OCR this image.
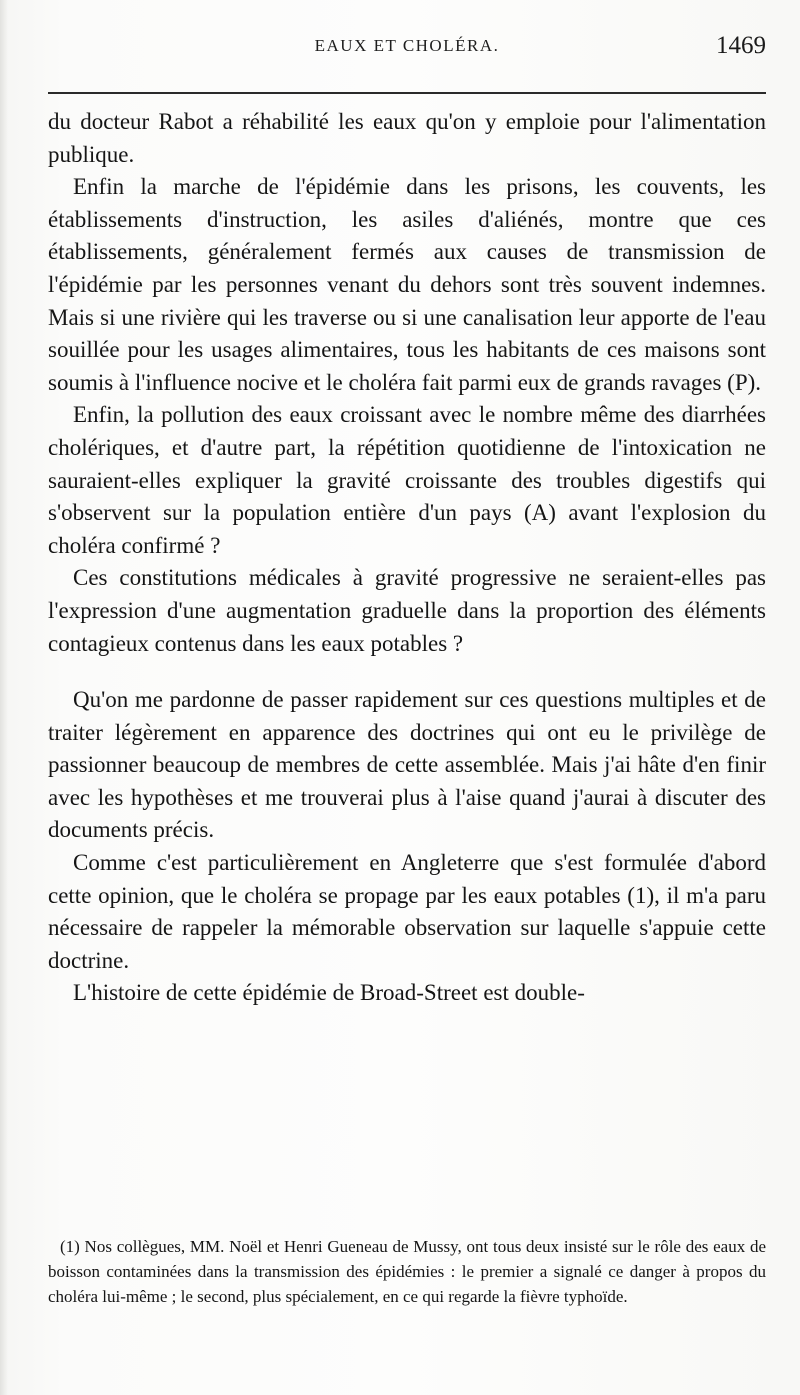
EAUX ET CHOLÉRA.	1469

du docteur Rabot a réhabilité les eaux qu'on y emploie pour l'alimentation publique.

Enfin la marche de l'épidémie dans les prisons, les couvents, les établissements d'instruction, les asiles d'aliénés, montre que ces établissements, généralement fermés aux causes de transmission de l'épidémie par les personnes venant du dehors sont très souvent indemnes. Mais si une rivière qui les traverse ou si une canalisation leur apporte de l'eau souillée pour les usages alimentaires, tous les habitants de ces maisons sont soumis à l'influence nocive et le choléra fait parmi eux de grands ravages (P).

Enfin, la pollution des eaux croissant avec le nombre même des diarrhées cholériques, et d'autre part, la répétition quotidienne de l'intoxication ne sauraient-elles expliquer la gravité croissante des troubles digestifs qui s'observent sur la population entière d'un pays (A) avant l'explosion du choléra confirmé ?

Ces constitutions médicales à gravité progressive ne seraient-elles pas l'expression d'une augmentation graduelle dans la proportion des éléments contagieux contenus dans les eaux potables ?

Qu'on me pardonne de passer rapidement sur ces questions multiples et de traiter légèrement en apparence des doctrines qui ont eu le privilège de passionner beaucoup de membres de cette assemblée. Mais j'ai hâte d'en finir avec les hypothèses et me trouverai plus à l'aise quand j'aurai à discuter des documents précis.

Comme c'est particulièrement en Angleterre que s'est formulée d'abord cette opinion, que le choléra se propage par les eaux potables (1), il m'a paru nécessaire de rappeler la mémorable observation sur laquelle s'appuie cette doctrine.

L'histoire de cette épidémie de Broad-Street est double-

(1) Nos collègues, MM. Noël et Henri Gueneau de Mussy, ont tous deux insisté sur le rôle des eaux de boisson contaminées dans la transmission des épidémies : le premier a signalé ce danger à propos du choléra lui-même ; le second, plus spécialement, en ce qui regarde la fièvre typhoïde.
